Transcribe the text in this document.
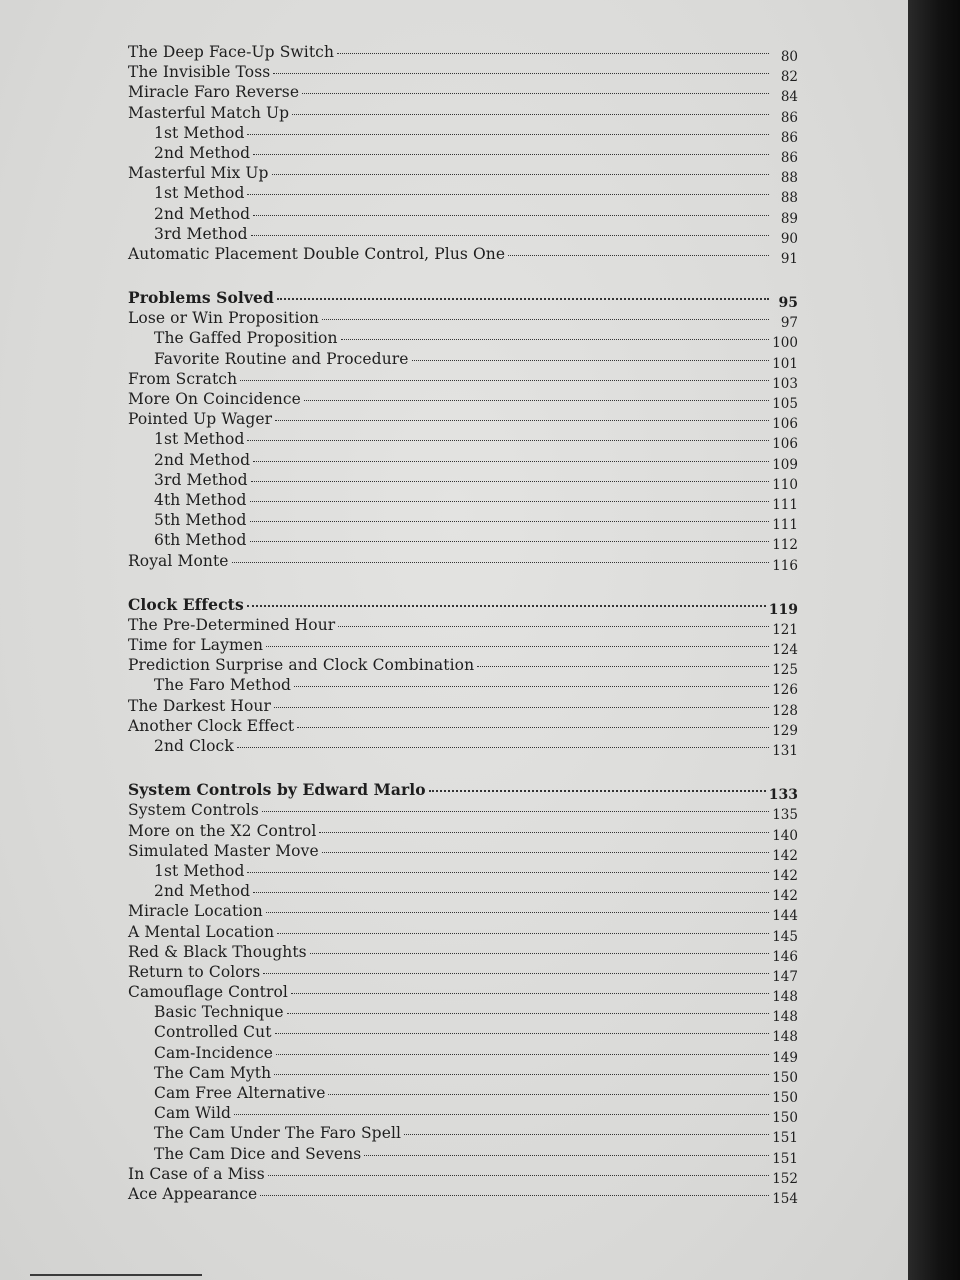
The Deep Face-Up Switch	80
The Invisible Toss	82
Miracle Faro Reverse	84
Masterful Match Up	86
1st Method	86
2nd Method	86
Masterful Mix Up	88
1st Method	88
2nd Method	89
3rd Method	90
Automatic Placement Double Control, Plus One	91
Problems Solved	95
Lose or Win Proposition	97
The Gaffed Proposition	100
Favorite Routine and Procedure	101
From Scratch	103
More On Coincidence	105
Pointed Up Wager	106
1st Method	106
2nd Method	109
3rd Method	110
4th Method	111
5th Method	111
6th Method	112
Royal Monte	116
Clock Effects	119
The Pre-Determined Hour	121
Time for Laymen	124
Prediction Surprise and Clock Combination	125
The Faro Method	126
The Darkest Hour	128
Another Clock Effect	129
2nd Clock	131
System Controls by Edward Marlo	133
System Controls	135
More on the X2 Control	140
Simulated Master Move	142
1st Method	142
2nd Method	142
Miracle Location	144
A Mental Location	145
Red & Black Thoughts	146
Return to Colors	147
Camouflage Control	148
Basic Technique	148
Controlled Cut	148
Cam-Incidence	149
The Cam Myth	150
Cam Free Alternative	150
Cam Wild	150
The Cam Under The Faro Spell	151
The Cam Dice and Sevens	151
In Case of a Miss	152
Ace Appearance	154
